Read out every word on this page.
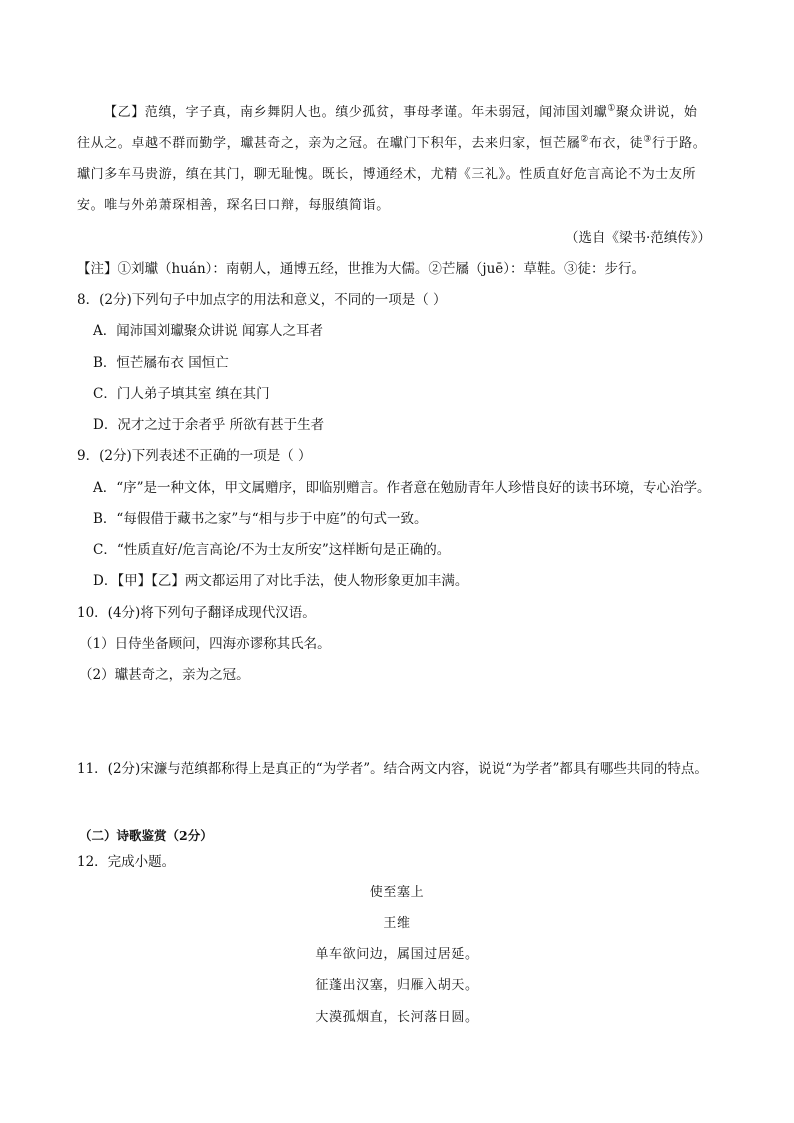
【乙】范缜，字子真，南乡舞阴人也。缜少孤贫，事母孝谨。年未弱冠，闻沛国刘瓛①聚众讲说，始
往从之。卓越不群而勤学，瓛甚奇之，亲为之冠。在瓛门下积年，去来归家，恒芒屩②布衣，徒③行于路。
瓛门多车马贵游，缜在其门，聊无耻愧。既长，博通经术，尤精《三礼》。性质直好危言高论不为士友所
安。唯与外弟萧琛相善，琛名曰口辩，每服缜简诣。
（选自《梁书·范缜传》）
【注】①刘瓛（huán）：南朝人，通博五经，世推为大儒。②芒屩（juē）：草鞋。③徒：步行。
8．(2分)下列句子中加点字的用法和意义，不同的一项是（ ）
A．闻沛国刘瓛聚众讲说 闻寡人之耳者
B．恒芒屩布衣 国恒亡
C．门人弟子填其室 缜在其门
D．况才之过于余者乎 所欲有甚于生者
9．(2分)下列表述不正确的一项是（ ）
A．“序”是一种文体，甲文属赠序，即临别赠言。作者意在勉励青年人珍惜良好的读书环境，专心治学。
B．“每假借于藏书之家”与“相与步于中庭”的句式一致。
C．“性质直好/危言高论/不为士友所安”这样断句是正确的。
D．【甲】【乙】两文都运用了对比手法，使人物形象更加丰满。
10．(4分)将下列句子翻译成现代汉语。
（1）日侍坐备顾问，四海亦谬称其氏名。
（2）瓛甚奇之，亲为之冠。
11．(2分)宋濂与范缜都称得上是真正的“为学者”。结合两文内容，说说“为学者”都具有哪些共同的特点。
（二）诗歌鉴赏（2分）
12．完成小题。
使至塞上
王维
单车欲问边，属国过居延。
征蓬出汉塞，归雁入胡天。
大漠孤烟直，长河落日圆。
